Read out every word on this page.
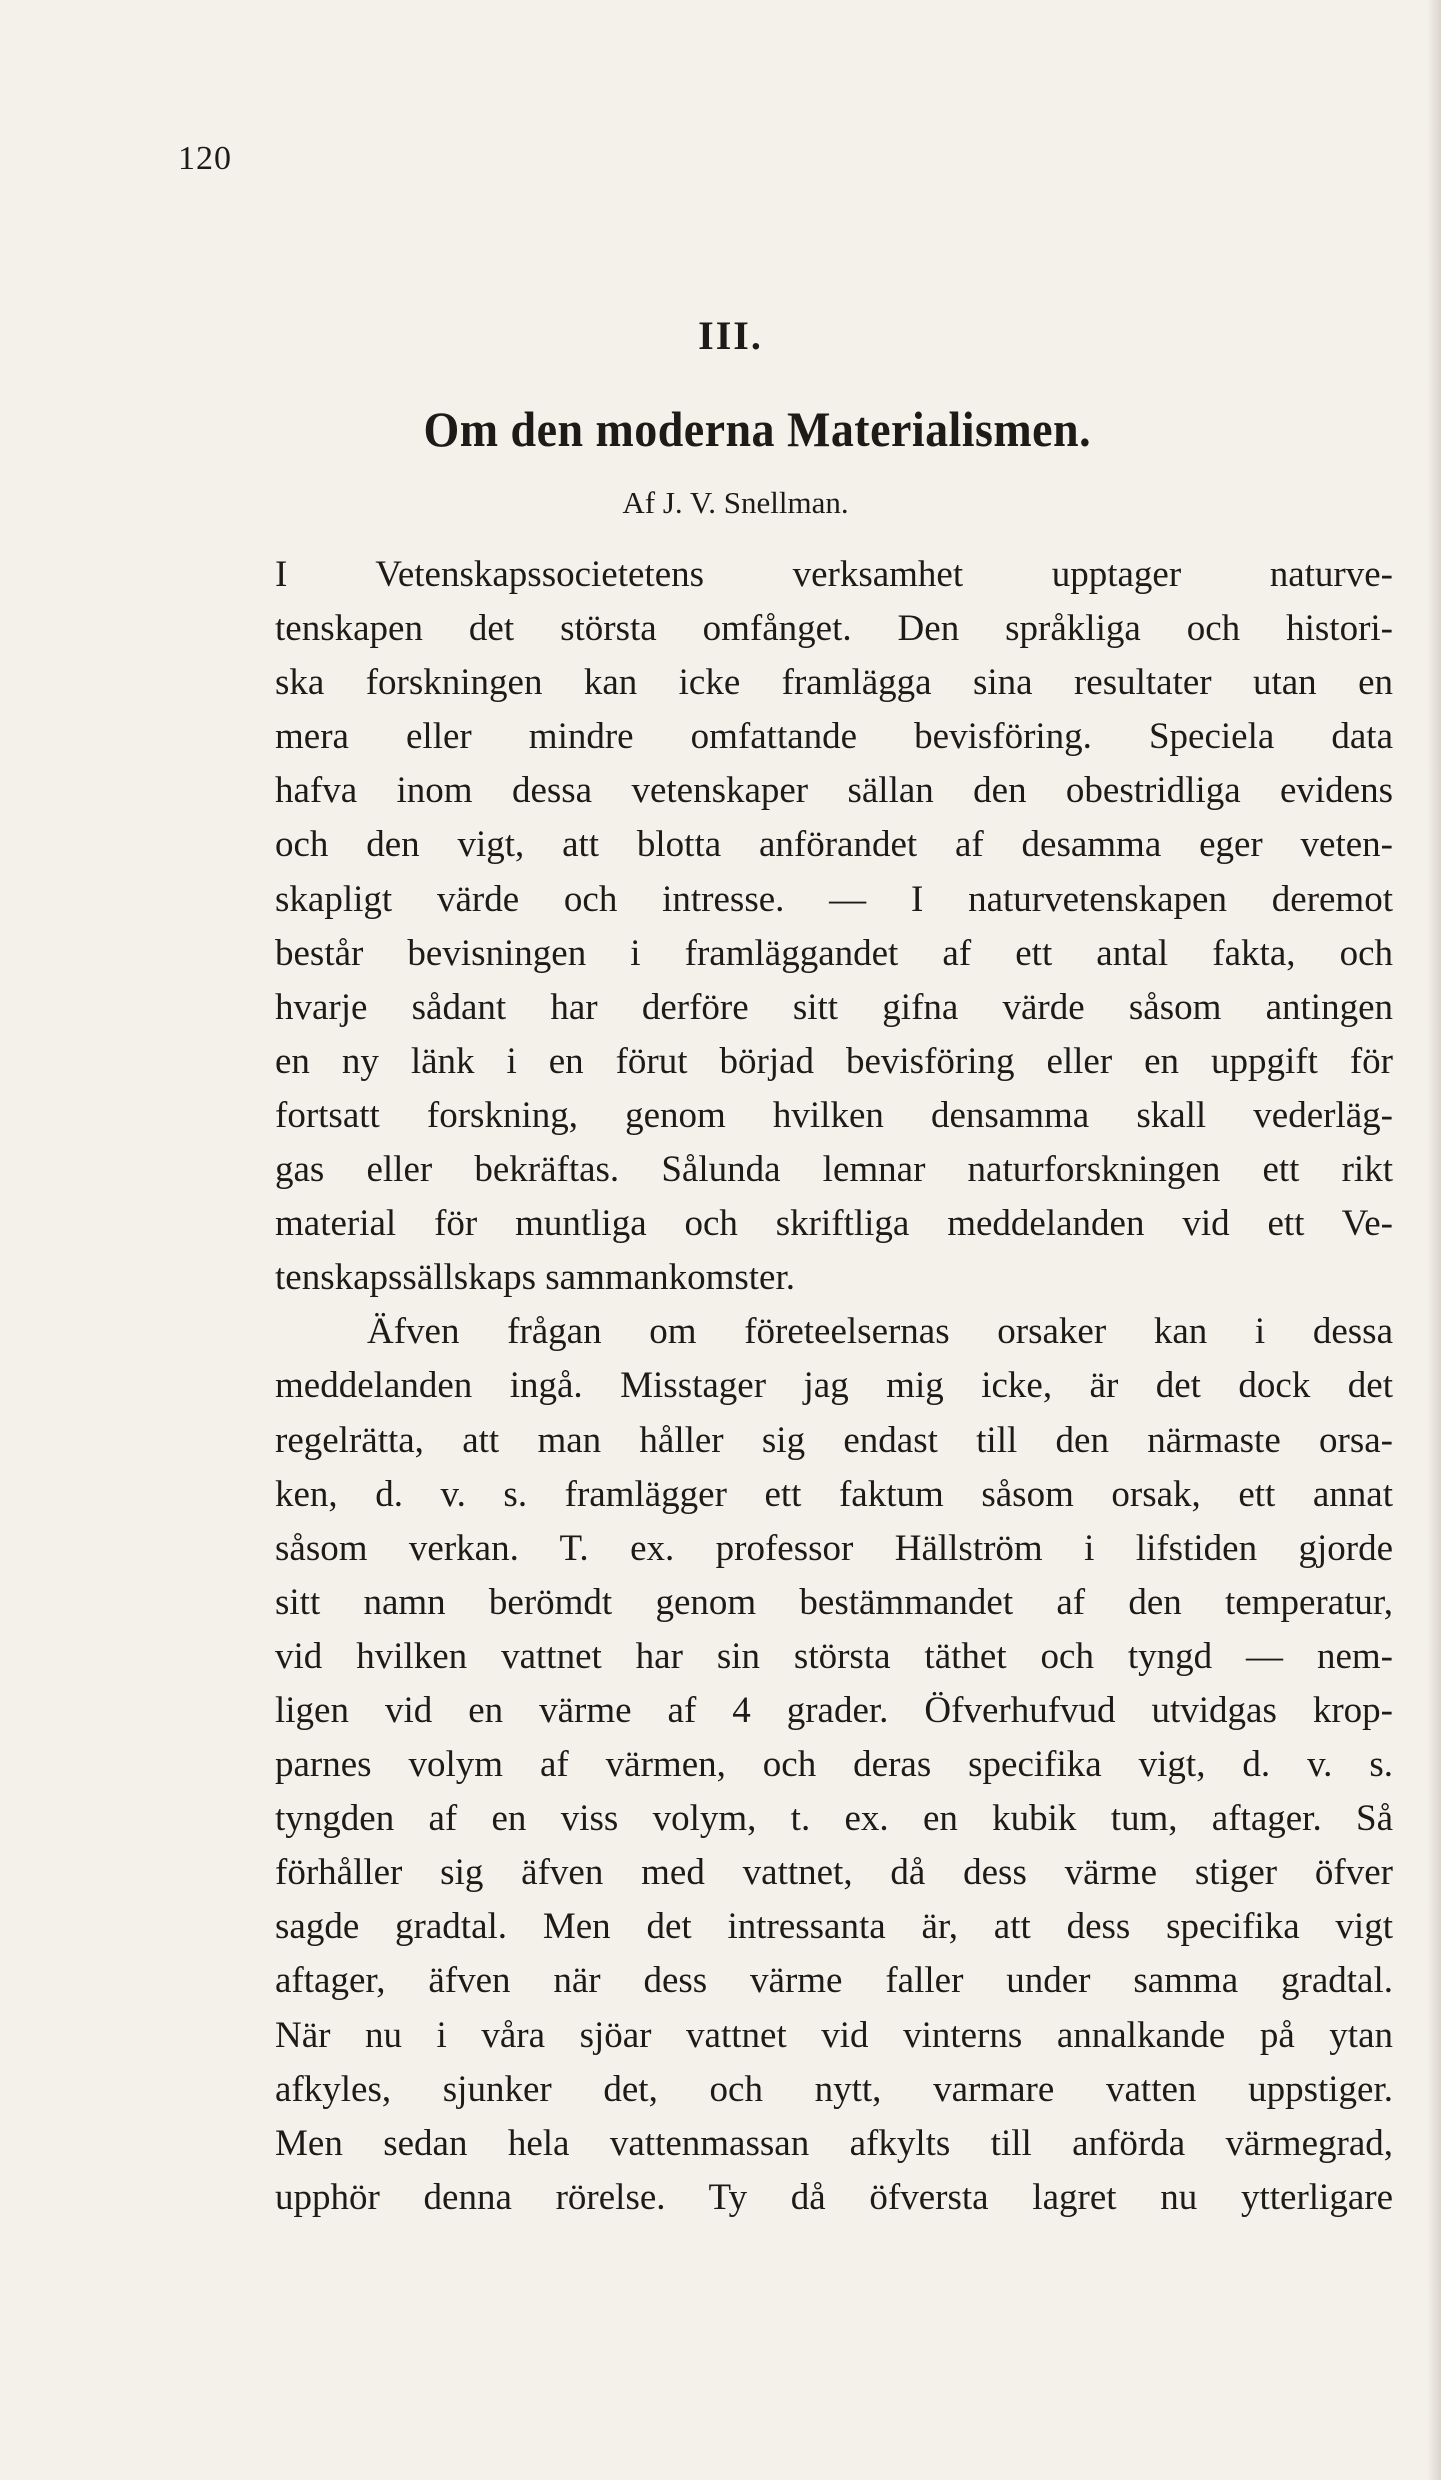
120
III.
Om den moderna Materialismen.
Af J. V. Snellman.
I Vetenskapssocietetens verksamhet upptager naturve-
tenskapen det största omfånget. Den språkliga och histori-
ska forskningen kan icke framlägga sina resultater utan en
mera eller mindre omfattande bevisföring. Speciela data
hafva inom dessa vetenskaper sällan den obestridliga evidens
och den vigt, att blotta anförandet af desamma eger veten-
skapligt värde och intresse. — I naturvetenskapen deremot
består bevisningen i framläggandet af ett antal fakta, och
hvarje sådant har derföre sitt gifna värde såsom antingen
en ny länk i en förut börjad bevisföring eller en uppgift för
fortsatt forskning, genom hvilken densamma skall vederläg-
gas eller bekräftas. Sålunda lemnar naturforskningen ett rikt
material för muntliga och skriftliga meddelanden vid ett Ve-
tenskapssällskaps sammankomster.
Äfven frågan om företeelsernas orsaker kan i dessa
meddelanden ingå. Misstager jag mig icke, är det dock det
regelrätta, att man håller sig endast till den närmaste orsa-
ken, d. v. s. framlägger ett faktum såsom orsak, ett annat
såsom verkan. T. ex. professor Hällström i lifstiden gjorde
sitt namn berömdt genom bestämmandet af den temperatur,
vid hvilken vattnet har sin största täthet och tyngd — nem-
ligen vid en värme af 4 grader. Öfverhufvud utvidgas krop-
parnes volym af värmen, och deras specifika vigt, d. v. s.
tyngden af en viss volym, t. ex. en kubik tum, aftager. Så
förhåller sig äfven med vattnet, då dess värme stiger öfver
sagde gradtal. Men det intressanta är, att dess specifika vigt
aftager, äfven när dess värme faller under samma gradtal.
När nu i våra sjöar vattnet vid vinterns annalkande på ytan
afkyles, sjunker det, och nytt, varmare vatten uppstiger.
Men sedan hela vattenmassan afkylts till anförda värmegrad,
upphör denna rörelse. Ty då öfversta lagret nu ytterligare
